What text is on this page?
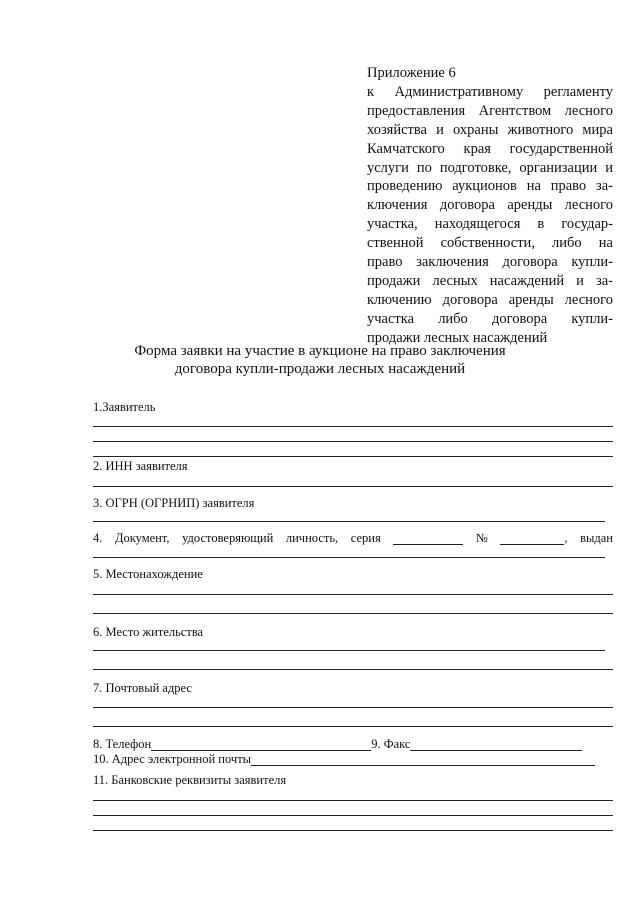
Приложение 6
к Административному регламенту
предоставления Агентством лесного
хозяйства и охраны животного мира
Камчатского края государственной
услуги по подготовке, организации и
проведению аукционов на право за-
ключения договора аренды лесного
участка, находящегося в государ-
ственной собственности, либо на
право заключения договора купли-
продажи лесных насаждений и за-
ключению договора аренды лесного
участка либо договора купли-
продажи лесных насаждений
Форма заявки на участие в аукционе на право заключения
договора купли-продажи лесных насаждений
1.Заявитель
2. ИНН заявителя
3. ОГРН (ОГРНИП) заявителя
4. Документ, удостоверяющий личность, серия	№	, выдан
5. Местонахождение
6. Место жительства
7. Почтовый адрес
8. Телефон	9. Факс
10. Адрес электронной почты
11. Банковские реквизиты заявителя
